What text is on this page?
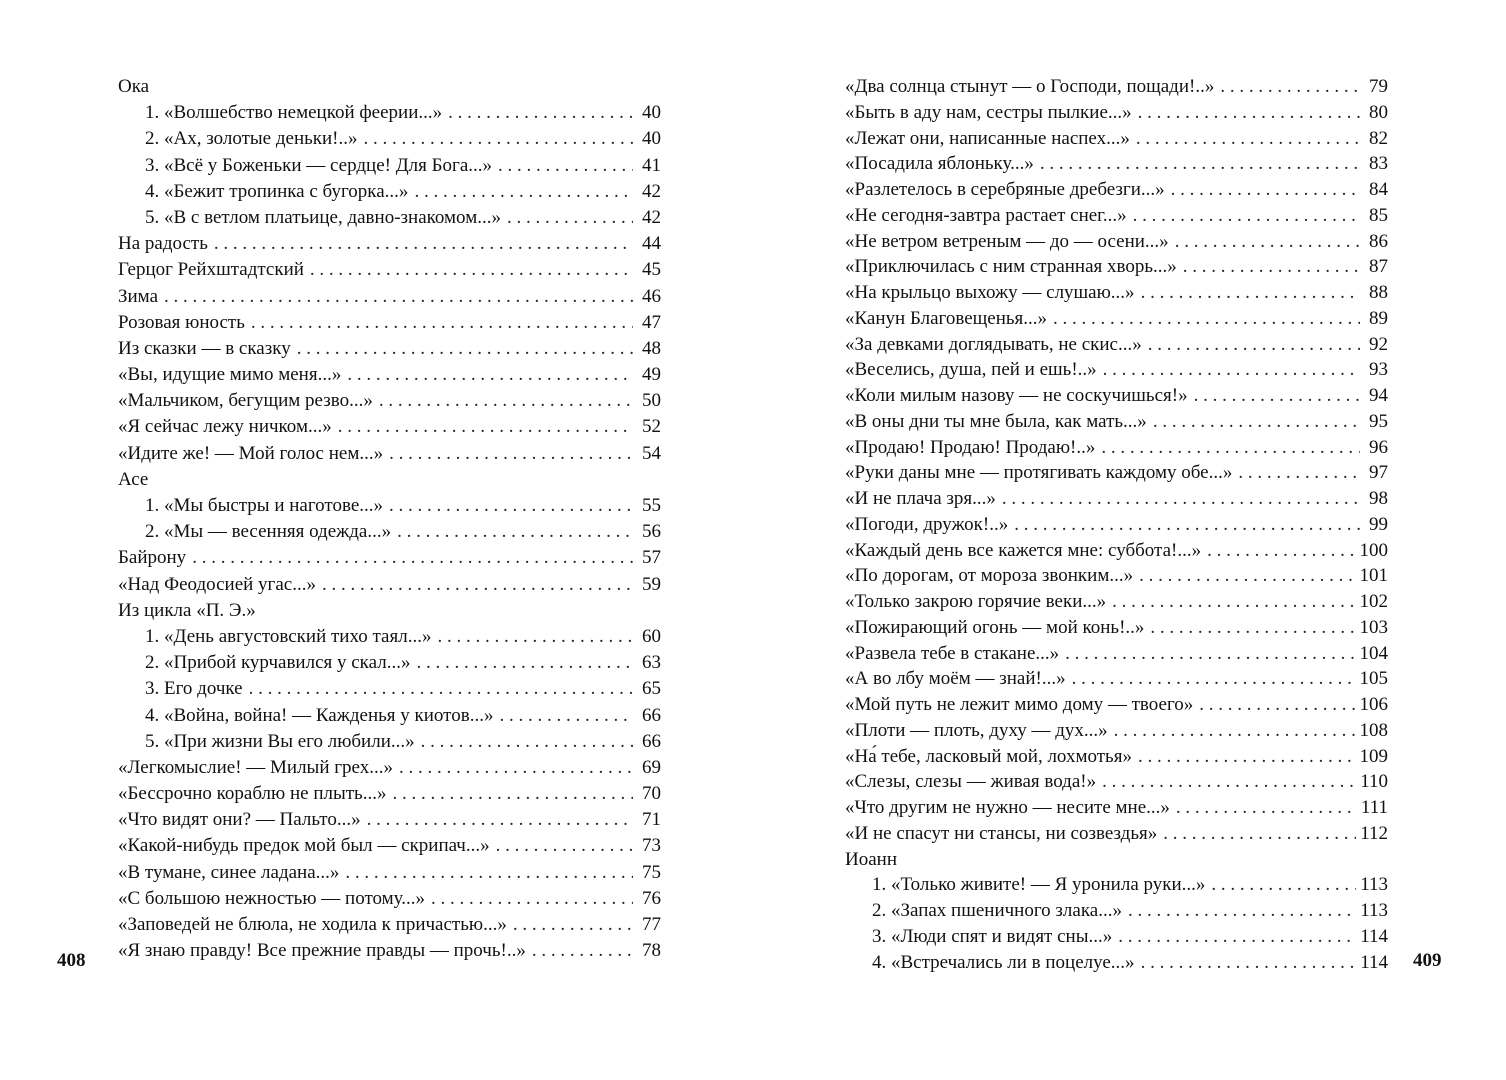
Ока
1. «Волшебство немецкой феерии...» . . .	40
2. «Ах, золотые деньки!..» . . .	40
3. «Всё у Боженьки — сердце! Для Бога...» . . .	41
4. «Бежит тропинка с бугорка...» . . .	42
5. «В с ветлом платьице, давно-знакомом...» . . .	42
На радость . . .	44
Герцог Рейхштадтский . . .	45
Зима . . .	46
Розовая юность . . .	47
Из сказки — в сказку . . .	48
«Вы, идущие мимо меня...» . . .	49
«Мальчиком, бегущим резво...» . . .	50
«Я сейчас лежу ничком...» . . .	52
«Идите же! — Мой голос нем...» . . .	54
Асе
1. «Мы быстры и наготове...» . . .	55
2. «Мы — весенняя одежда...» . . .	56
Байрону . . .	57
«Над Феодосией угас...» . . .	59
Из цикла «П. Э.»
1. «День августовский тихо таял...» . . .	60
2. «Прибой курчавился у скал...» . . .	63
3. Его дочке . . .	65
4. «Война, война! — Кажденья у киотов...» . . .	66
5. «При жизни Вы его любили...» . . .	66
«Легкомыслие! — Милый грех...» . . .	69
«Бессрочно кораблю не плыть...» . . .	70
«Что видят они? — Пальто...» . . .	71
«Какой-нибудь предок мой был — скрипач...» . . .	73
«В тумане, синее ладана...» . . .	75
«С большою нежностью — потому...» . . .	76
«Заповедей не блюла, не ходила к причастью...» . . .	77
«Я знаю правду! Все прежние правды — прочь!..» . . .	78
«Два солнца стынут — о Господи, пощади!..» . . .	79
«Быть в аду нам, сестры пылкие...» . . .	80
«Лежат они, написанные наспех...» . . .	82
«Посадила яблоньку...» . . .	83
«Разлетелось в серебряные дребезги...» . . .	84
«Не сегодня-завтра растает снег...» . . .	85
«Не ветром ветреным — до — осени...» . . .	86
«Приключилась с ним странная хворь...» . . .	87
«На крыльцо выхожу — слушаю...» . . .	88
«Канун Благовещенья...» . . .	89
«За девками доглядывать, не скис...» . . .	92
«Веселись, душа, пей и ешь!..» . . .	93
«Коли милым назову — не соскучишься!» . . .	94
«В оны дни ты мне была, как мать...» . . .	95
«Продаю! Продаю! Продаю!..» . . .	96
«Руки даны мне — протягивать каждому обе...» . . .	97
«И не плача зря...» . . .	98
«Погоди, дружок!..» . . .	99
«Каждый день все кажется мне: суббота!...» . . .	100
«По дорогам, от мороза звонким...» . . .	101
«Только закрою горячие веки...» . . .	102
«Пожирающий огонь — мой конь!..» . . .	103
«Развела тебе в стакане...» . . .	104
«А во лбу моём — знай!...» . . .	105
«Мой путь не лежит мимо дому — твоего» . . .	106
«Плоти — плоть, духу — дух...» . . .	108
«На́ тебе, ласковый мой, лохмотья» . . .	109
«Слезы, слезы — живая вода!» . . .	110
«Что другим не нужно — несите мне...» . . .	111
«И не спасут ни стансы, ни созвездья» . . .	112
Иоанн
1. «Только живите! — Я уронила руки...» . . .	113
2. «Запах пшеничного злака...» . . .	113
3. «Люди спят и видят сны...» . . .	114
4. «Встречались ли в поцелуе...» . . .	114
408	409
